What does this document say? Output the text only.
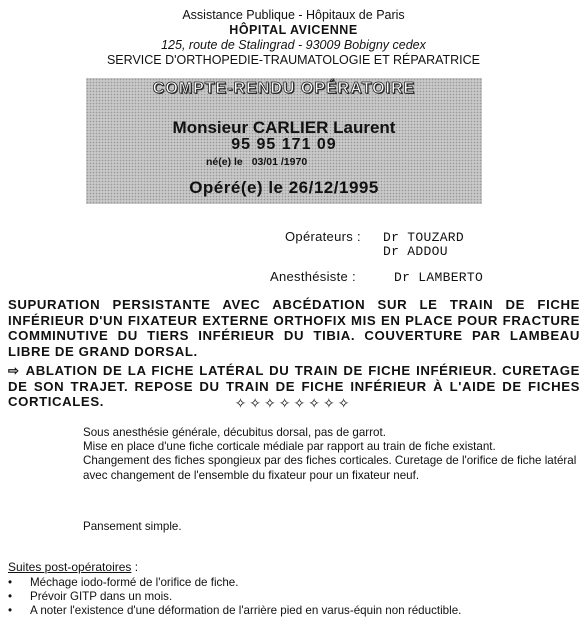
Assistance Publique - Hôpitaux de Paris
HÔPITAL AVICENNE
125, route de Stalingrad - 93009 Bobigny cedex
SERVICE D'ORTHOPEDIE-TRAUMATOLOGIE ET RÉPARATRICE
COMPTE-RENDU OPÉRATOIRE
Monsieur CARLIER Laurent
95 95 171 09
né(e) le 03/01 /1970
Opéré(e) le 26/12/1995
Opérateurs : Dr TOUZARD
Dr ADDOU
Anesthésiste :	Dr LAMBERTO
SUPURATION PERSISTANTE AVEC ABCÉDATION SUR LE TRAIN DE FICHE INFÉRIEUR D'UN FIXATEUR EXTERNE ORTHOFIX MIS EN PLACE POUR FRACTURE COMMINUTIVE DU TIERS INFÉRIEUR DU TIBIA. COUVERTURE PAR LAMBEAU LIBRE DE GRAND DORSAL.
⇨ ABLATION DE LA FICHE LATÉRAL DU TRAIN DE FICHE INFÉRIEUR. CURETAGE DE SON TRAJET. REPOSE DU TRAIN DE FICHE INFÉRIEUR À L'AIDE DE FICHES CORTICALES.	✧✧✧✧✧✧✧✧
Sous anesthésie générale, décubitus dorsal, pas de garrot.
Mise en place d'une fiche corticale médiale par rapport au train de fiche existant.
Changement des fiches spongieux par des fiches corticales. Curetage de l'orifice de fiche latéral avec changement de l'ensemble du fixateur pour un fixateur neuf.
Pansement simple.
Suites post-opératoires :
• Méchage iodo-formé de l'orifice de fiche.
• Prévoir GITP dans un mois.
• A noter l'existence d'une déformation de l'arrière pied en varus-équin non réductible.
